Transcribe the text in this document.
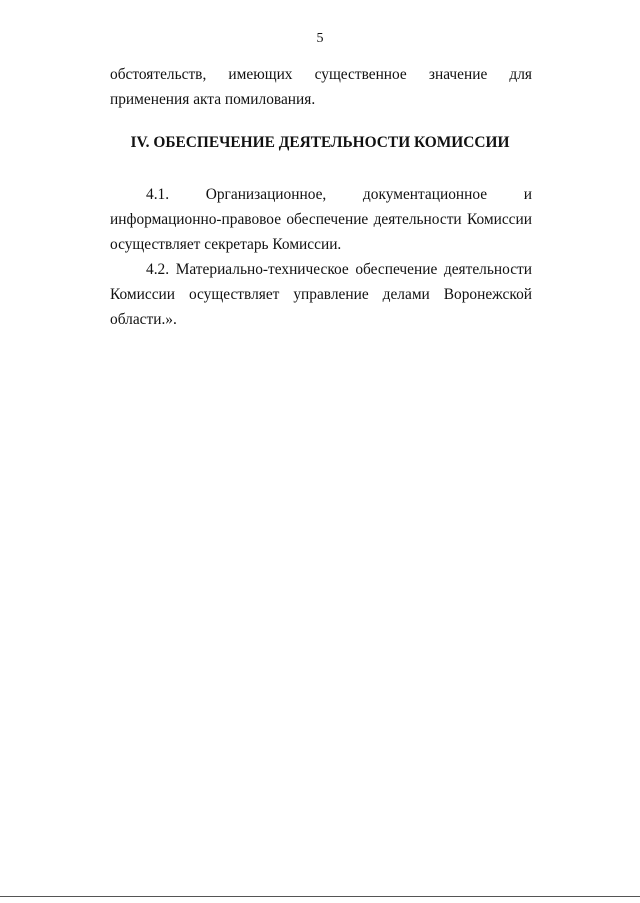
5

обстоятельств, имеющих существенное значение для применения акта помилования.

IV. ОБЕСПЕЧЕНИЕ ДЕЯТЕЛЬНОСТИ КОМИССИИ

4.1. Организационное, документационное и информационно-правовое обеспечение деятельности Комиссии осуществляет секретарь Комиссии.

4.2. Материально-техническое обеспечение деятельности Комиссии осуществляет управление делами Воронежской области.».
